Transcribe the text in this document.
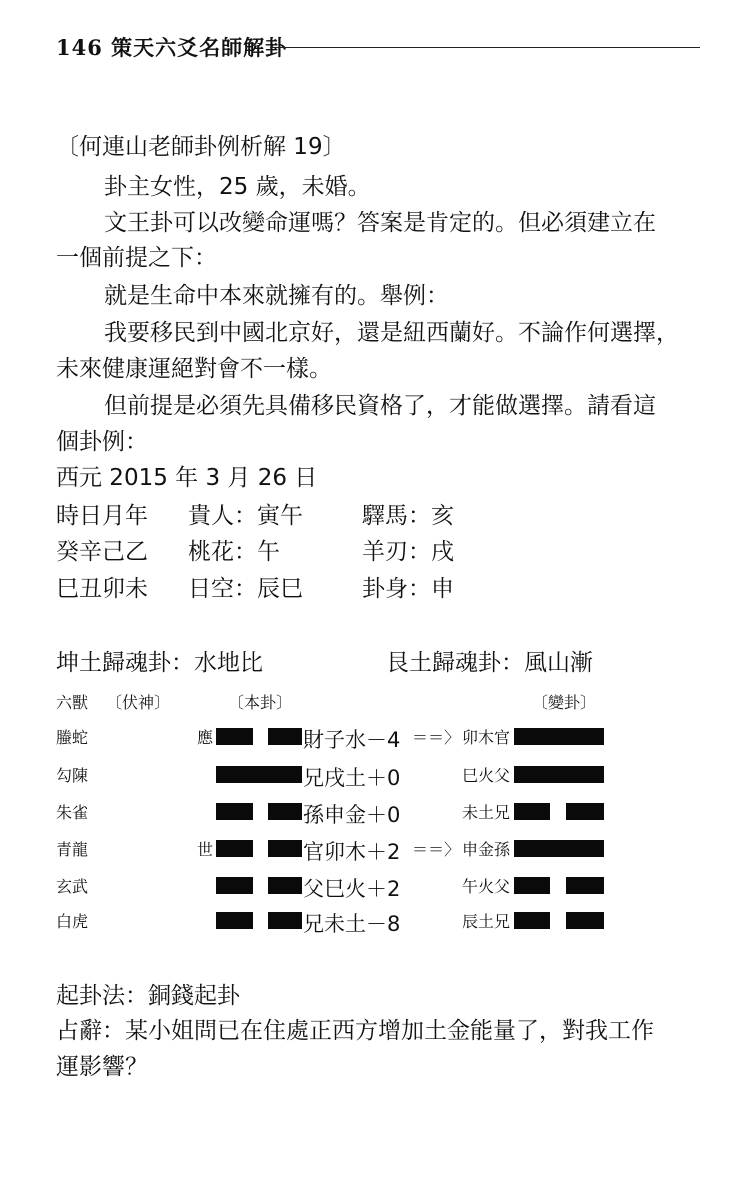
146 策天六爻名師解卦
〔何連山老師卦例析解 19〕
卦主女性，25 歲，未婚。
文王卦可以改變命運嗎？答案是肯定的。但必須建立在
一個前提之下：
就是生命中本來就擁有的。舉例：
我要移民到中國北京好，還是紐西蘭好。不論作何選擇，
未來健康運絕對會不一樣。
但前提是必須先具備移民資格了，才能做選擇。請看這
個卦例：
西元 2015 年 3 月 26 日
時日月年 貴人：寅午	驛馬：亥
癸辛己乙 桃花：午	羊刃：戌
巳丑卯未 日空：辰巳	卦身：申
坤土歸魂卦：水地比	艮土歸魂卦：風山漸
六獸 〔伏神〕	〔本卦〕	〔變卦〕
螣蛇	應	財子水－4 ＝＝〉 卯木官
勾陳	兄戌土＋0	巳火父
朱雀	孫申金＋0	未土兄
青龍	世	官卯木＋2 ＝＝〉 申金孫
玄武	父巳火＋2	午火父
白虎	兄未土－8	辰土兄
起卦法：銅錢起卦
占辭：某小姐問已在住處正西方增加土金能量了，對我工作
運影響？
